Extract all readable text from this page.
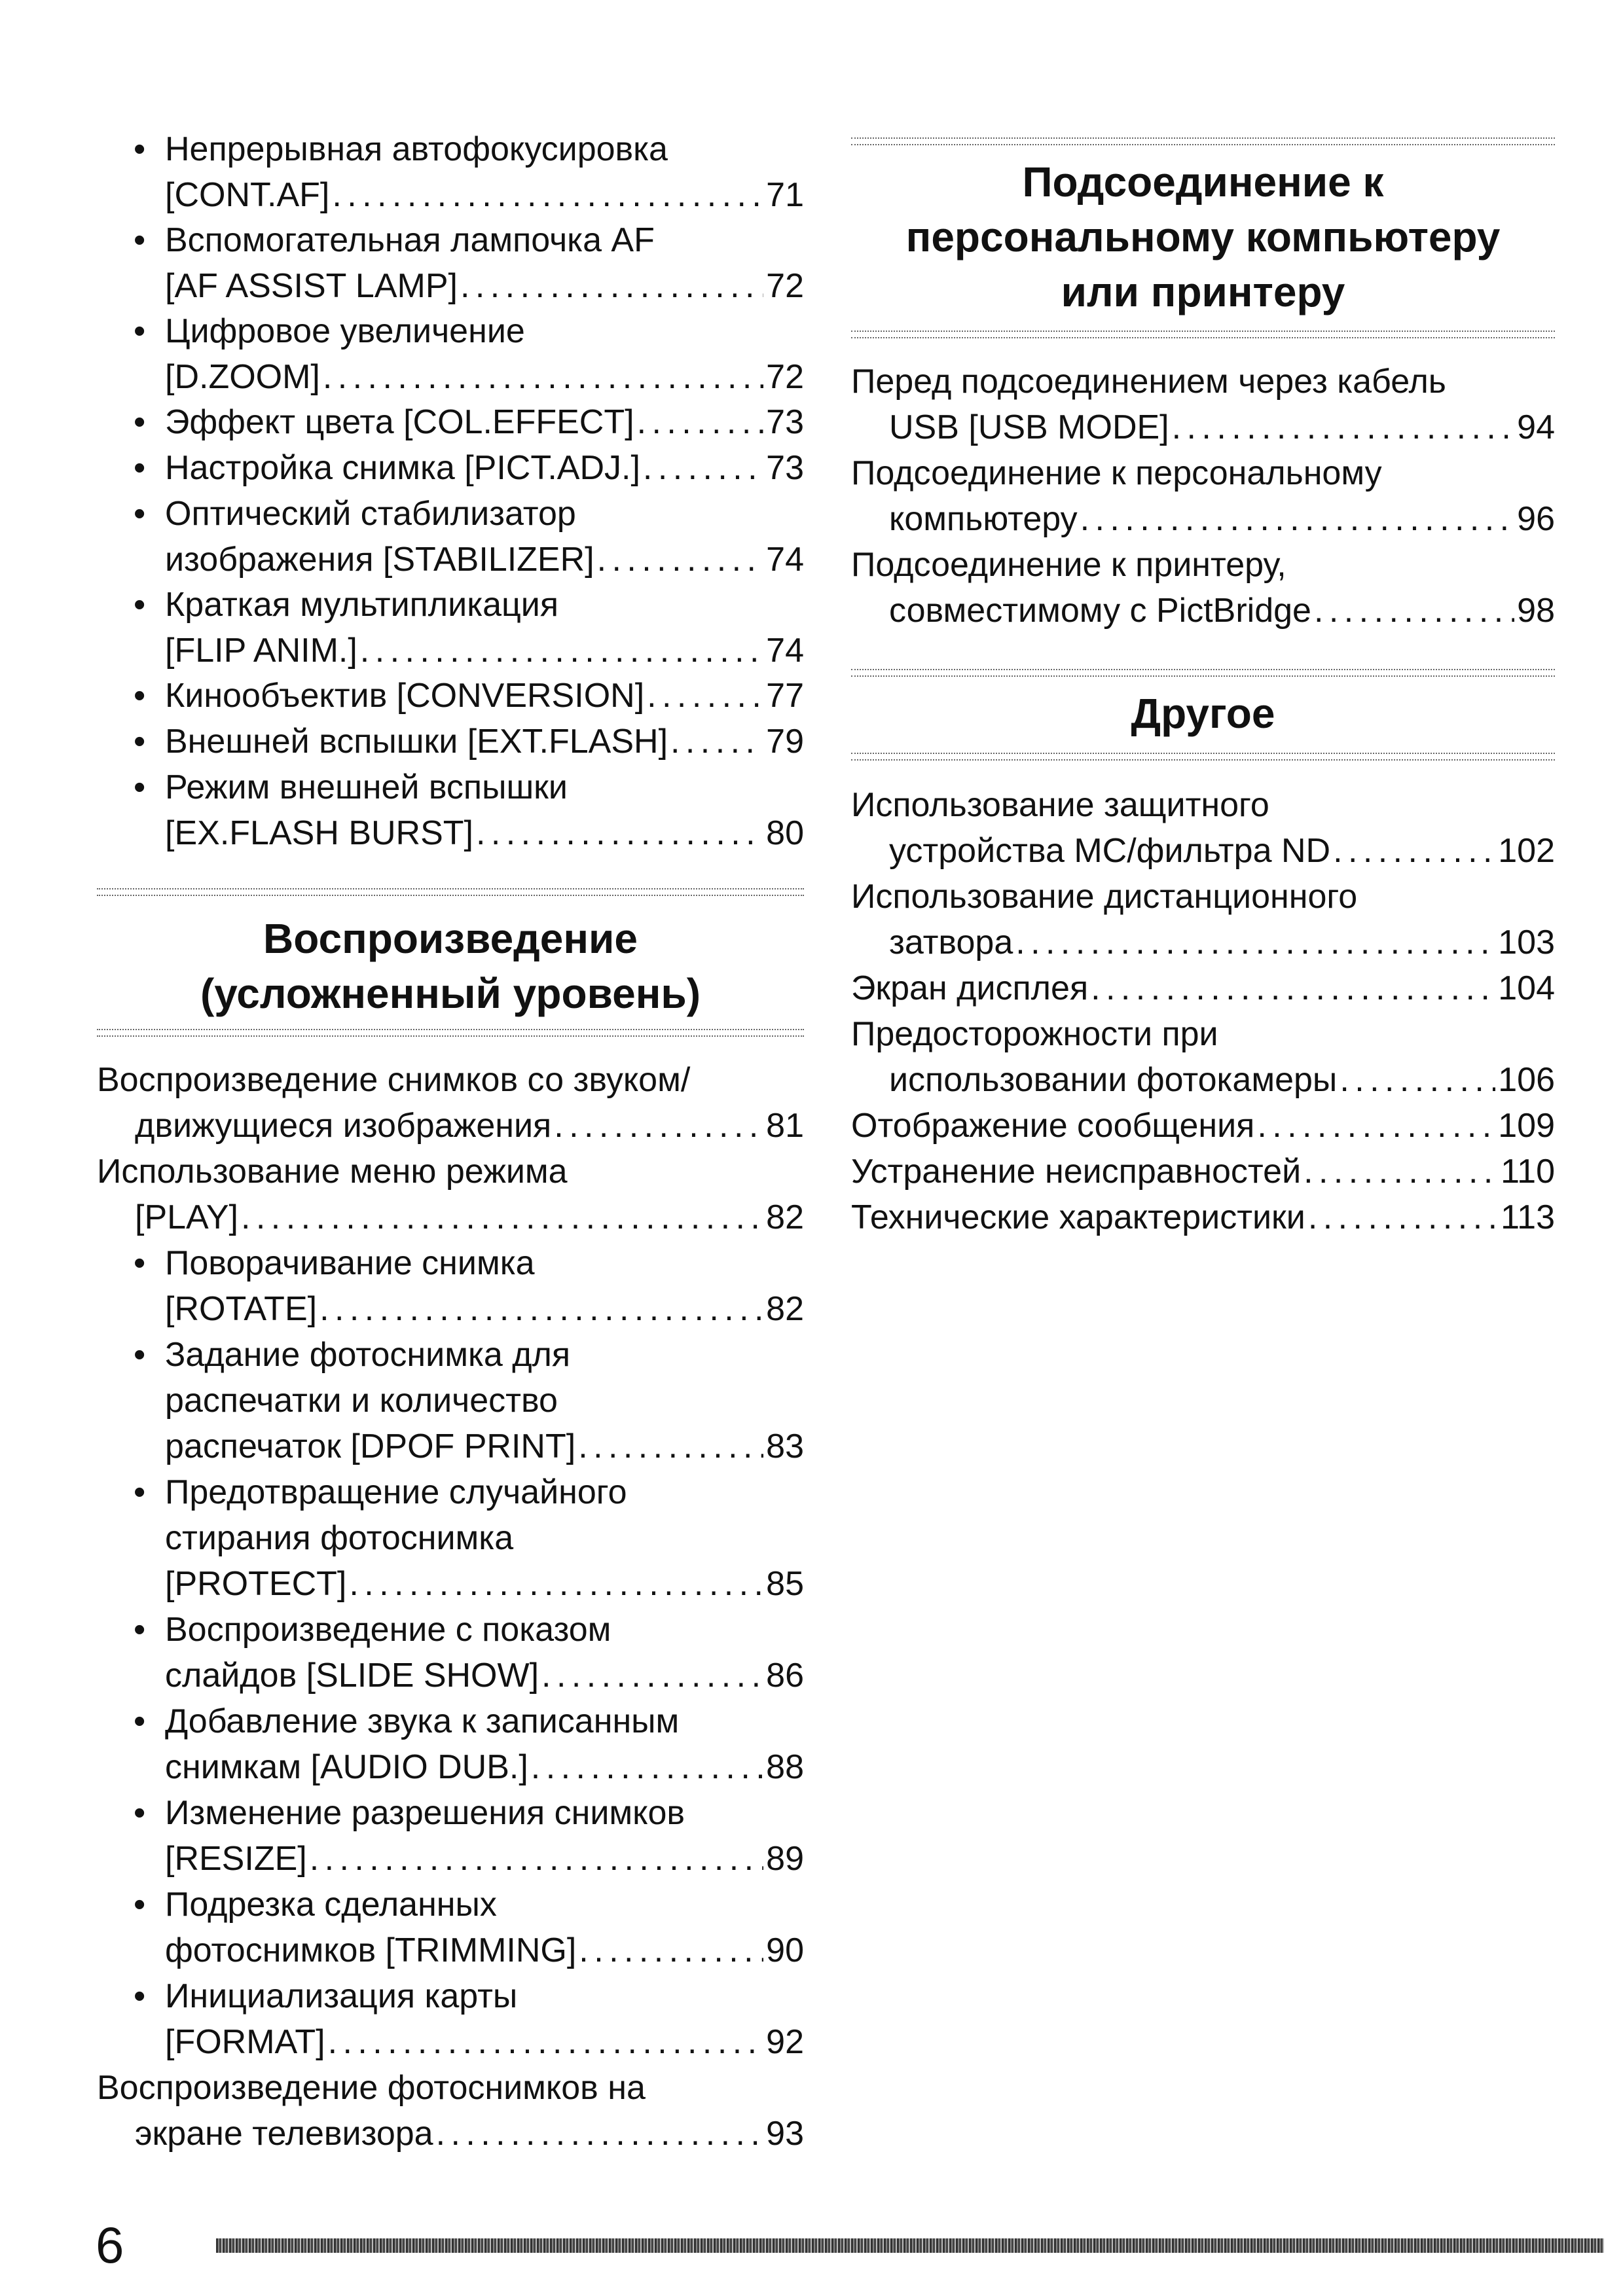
• Непрерывная автофокусировка
[CONT.AF] . . .	71
• Вспомогательная лампочка AF
[AF ASSIST LAMP] . . .	72
• Цифровое увеличение
[D.ZOOM] . . .	72
• Эффект цвета [COL.EFFECT] . . .	73
• Настройка снимка [PICT.ADJ.] . . .	73
• Оптический стабилизатор
изображения [STABILIZER] . . .	74
• Краткая мультипликация
[FLIP ANIM.] . . .	74
• Кинообъектив [CONVERSION] . . .	77
• Внешней вспышки [EXT.FLASH] . . .	79
• Режим внешней вспышки
[EX.FLASH BURST] . . .	80
Воспроизведение
(усложненный уровень)
Воспроизведение снимков со звуком/
движущиеся изображения . . .	81
Использование меню режима
[PLAY] . . .	82
• Поворачивание снимка
[ROTATE] . . .	82
• Задание фотоснимка для
распечатки и количество
распечаток [DPOF PRINT] . . .	83
• Предотвращение случайного
стирания фотоснимка
[PROTECT] . . .	85
• Воспроизведение с показом
слайдов [SLIDE SHOW] . . .	86
• Добавление звука к записанным
снимкам [AUDIO DUB.] . . .	88
• Изменение разрешения снимков
[RESIZE] . . .	89
• Подрезка сделанных
фотоснимков [TRIMMING] . . .	90
• Инициализация карты
[FORMAT] . . .	92
Воспроизведение фотоснимков на
экране телевизора . . .	93
Подсоединение к
персональному компьютеру
или принтеру
Перед подсоединением через кабель
USB [USB MODE] . . .	94
Подсоединение к персональному
компьютеру . . .	96
Подсоединение к принтеру,
совместимому с PictBridge . . .	98
Другое
Использование защитного
устройства MC/фильтра ND . . .	102
Использование дистанционного
затвора . . .	103
Экран дисплея . . .	104
Предосторожности при
использовании фотокамеры . . .	106
Отображение сообщения . . .	109
Устранение неисправностей . . .	110
Технические характеристики . . .	113
6
